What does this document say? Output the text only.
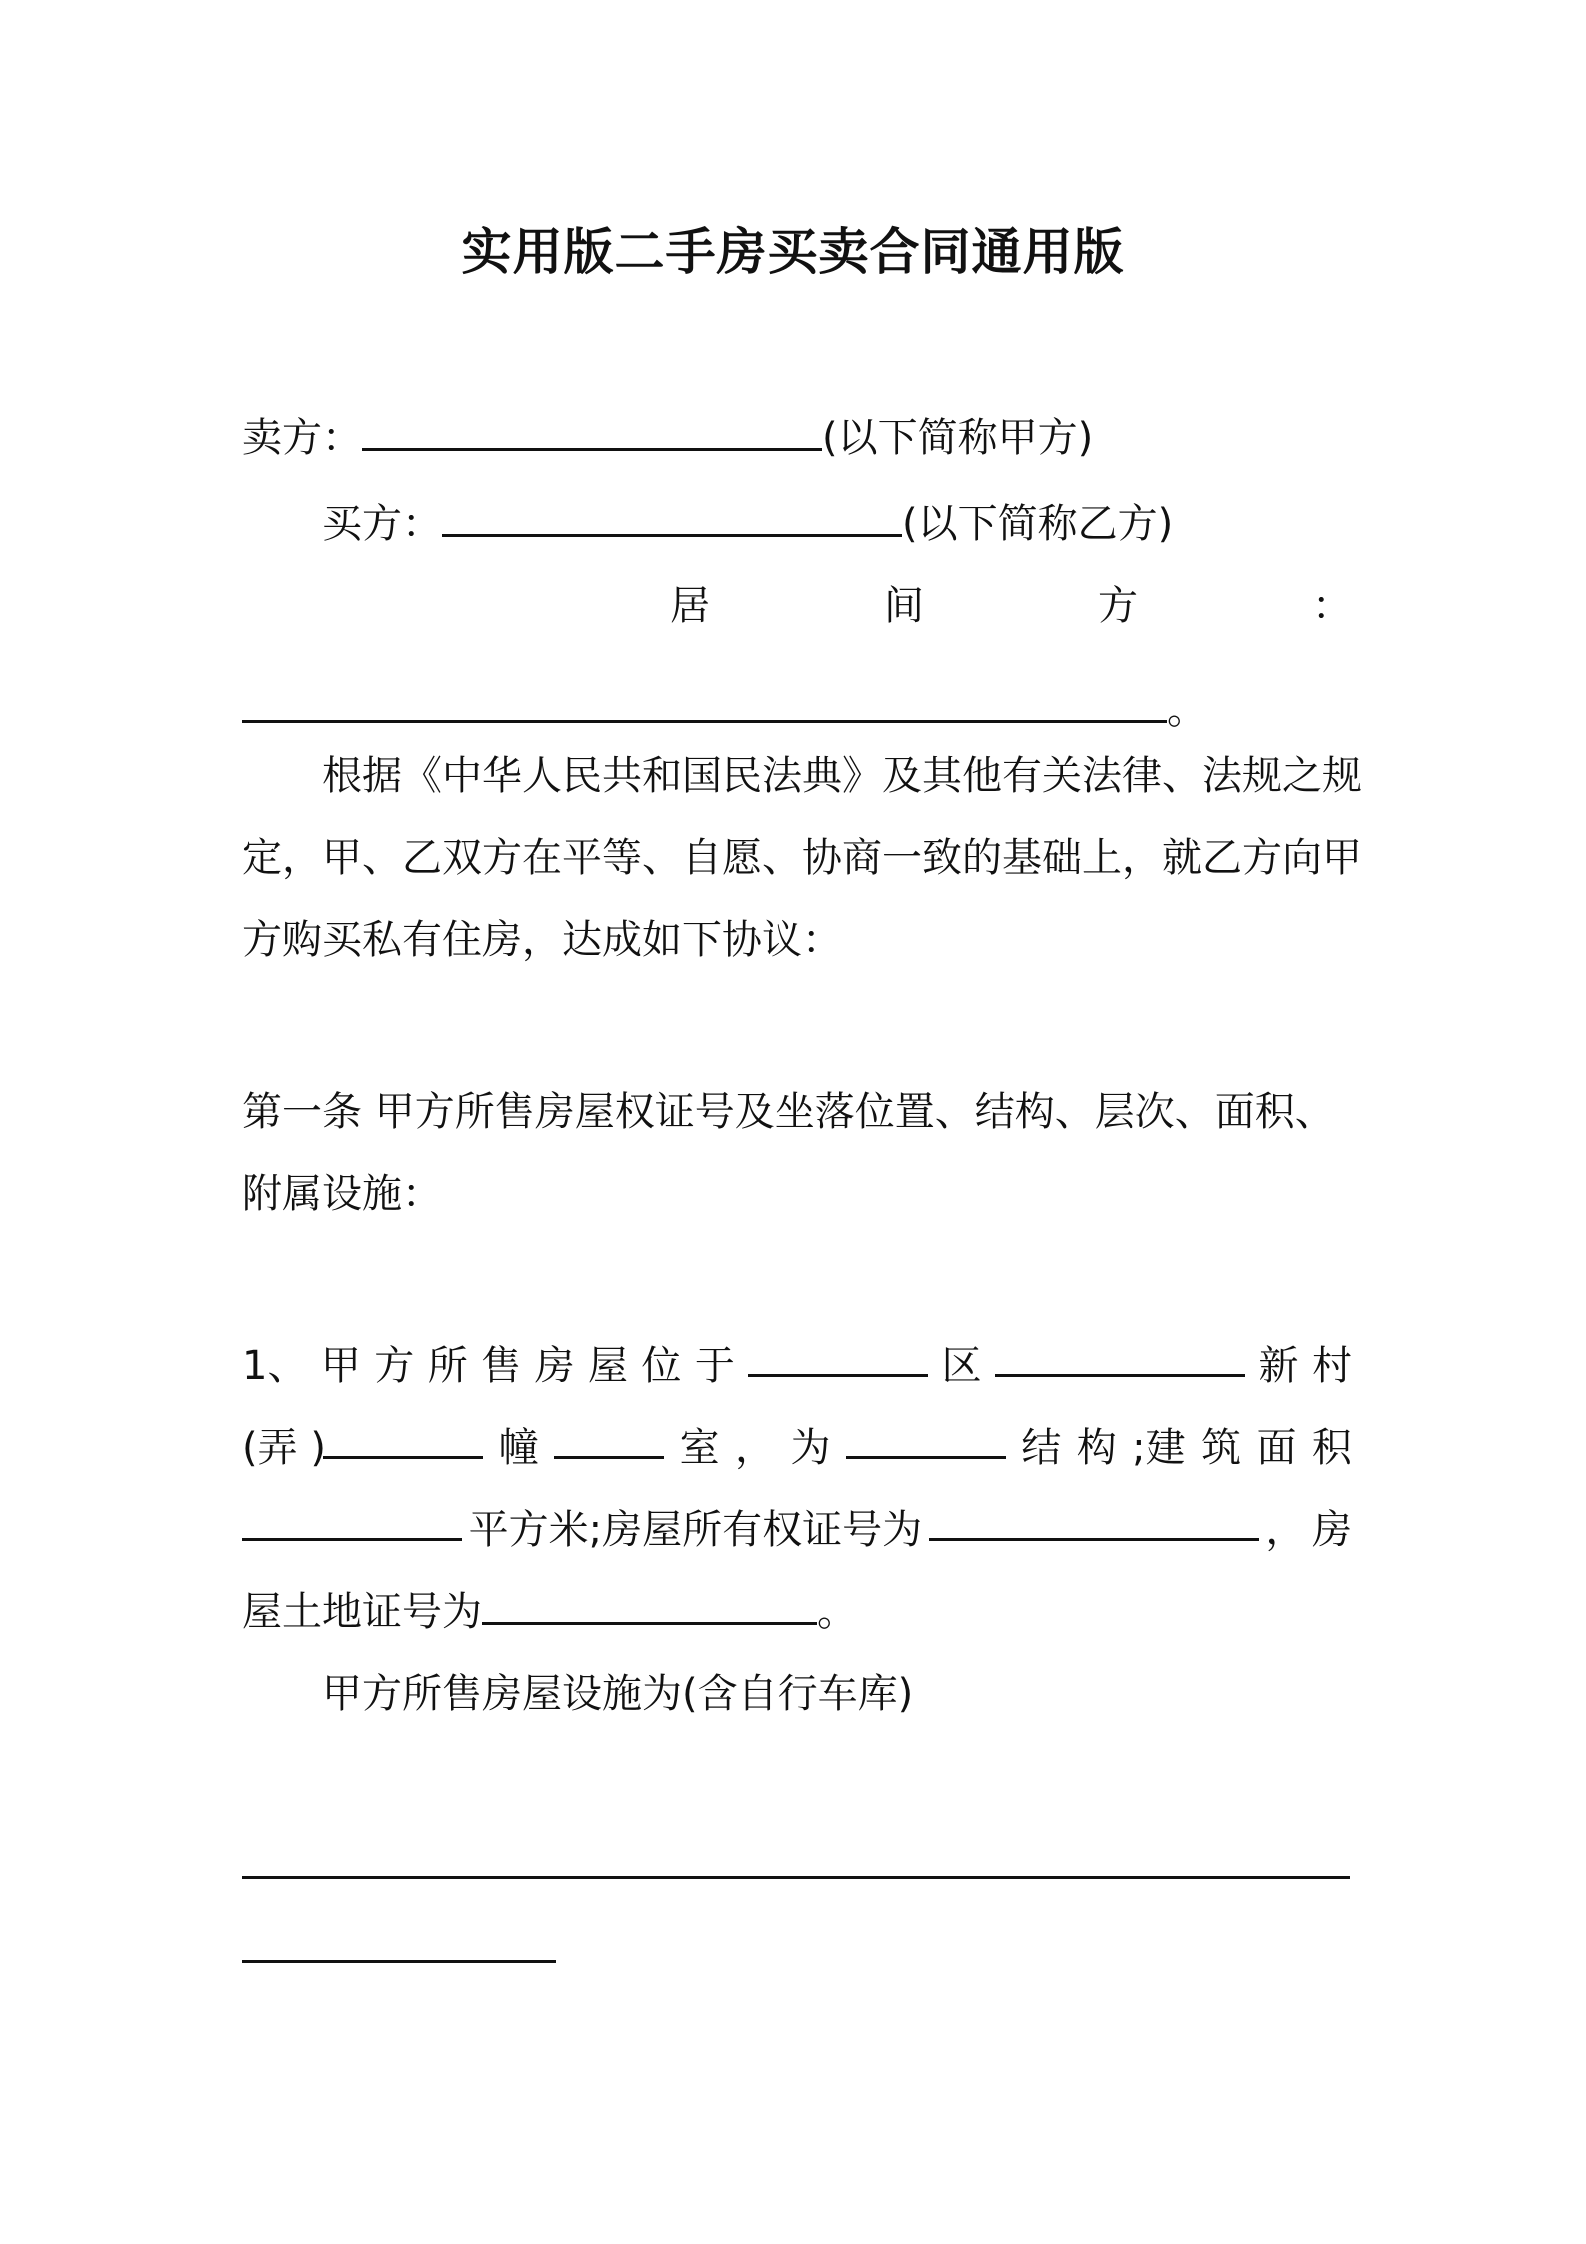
实用版二手房买卖合同通用版

卖方：	(以下简称甲方)

买方：	(以下简称乙方)

居	间	方	：

。

根据《中华人民共和国民法典》及其他有关法律、法规之规

定，甲、乙双方在平等、自愿、协商一致的基础上，就乙方向甲

方购买私有住房，达成如下协议：

第一条 甲方所售房屋权证号及坐落位置、结构、层次、面积、

附属设施：

1、 甲 方 所 售 房 屋 位 于	区	新 村
(弄 )	幢	室 ， 为	结 构 ;建 筑 面 积
平方米;房屋所有权证号为	， 房

屋土地证号为	。

甲方所售房屋设施为(含自行车库)
